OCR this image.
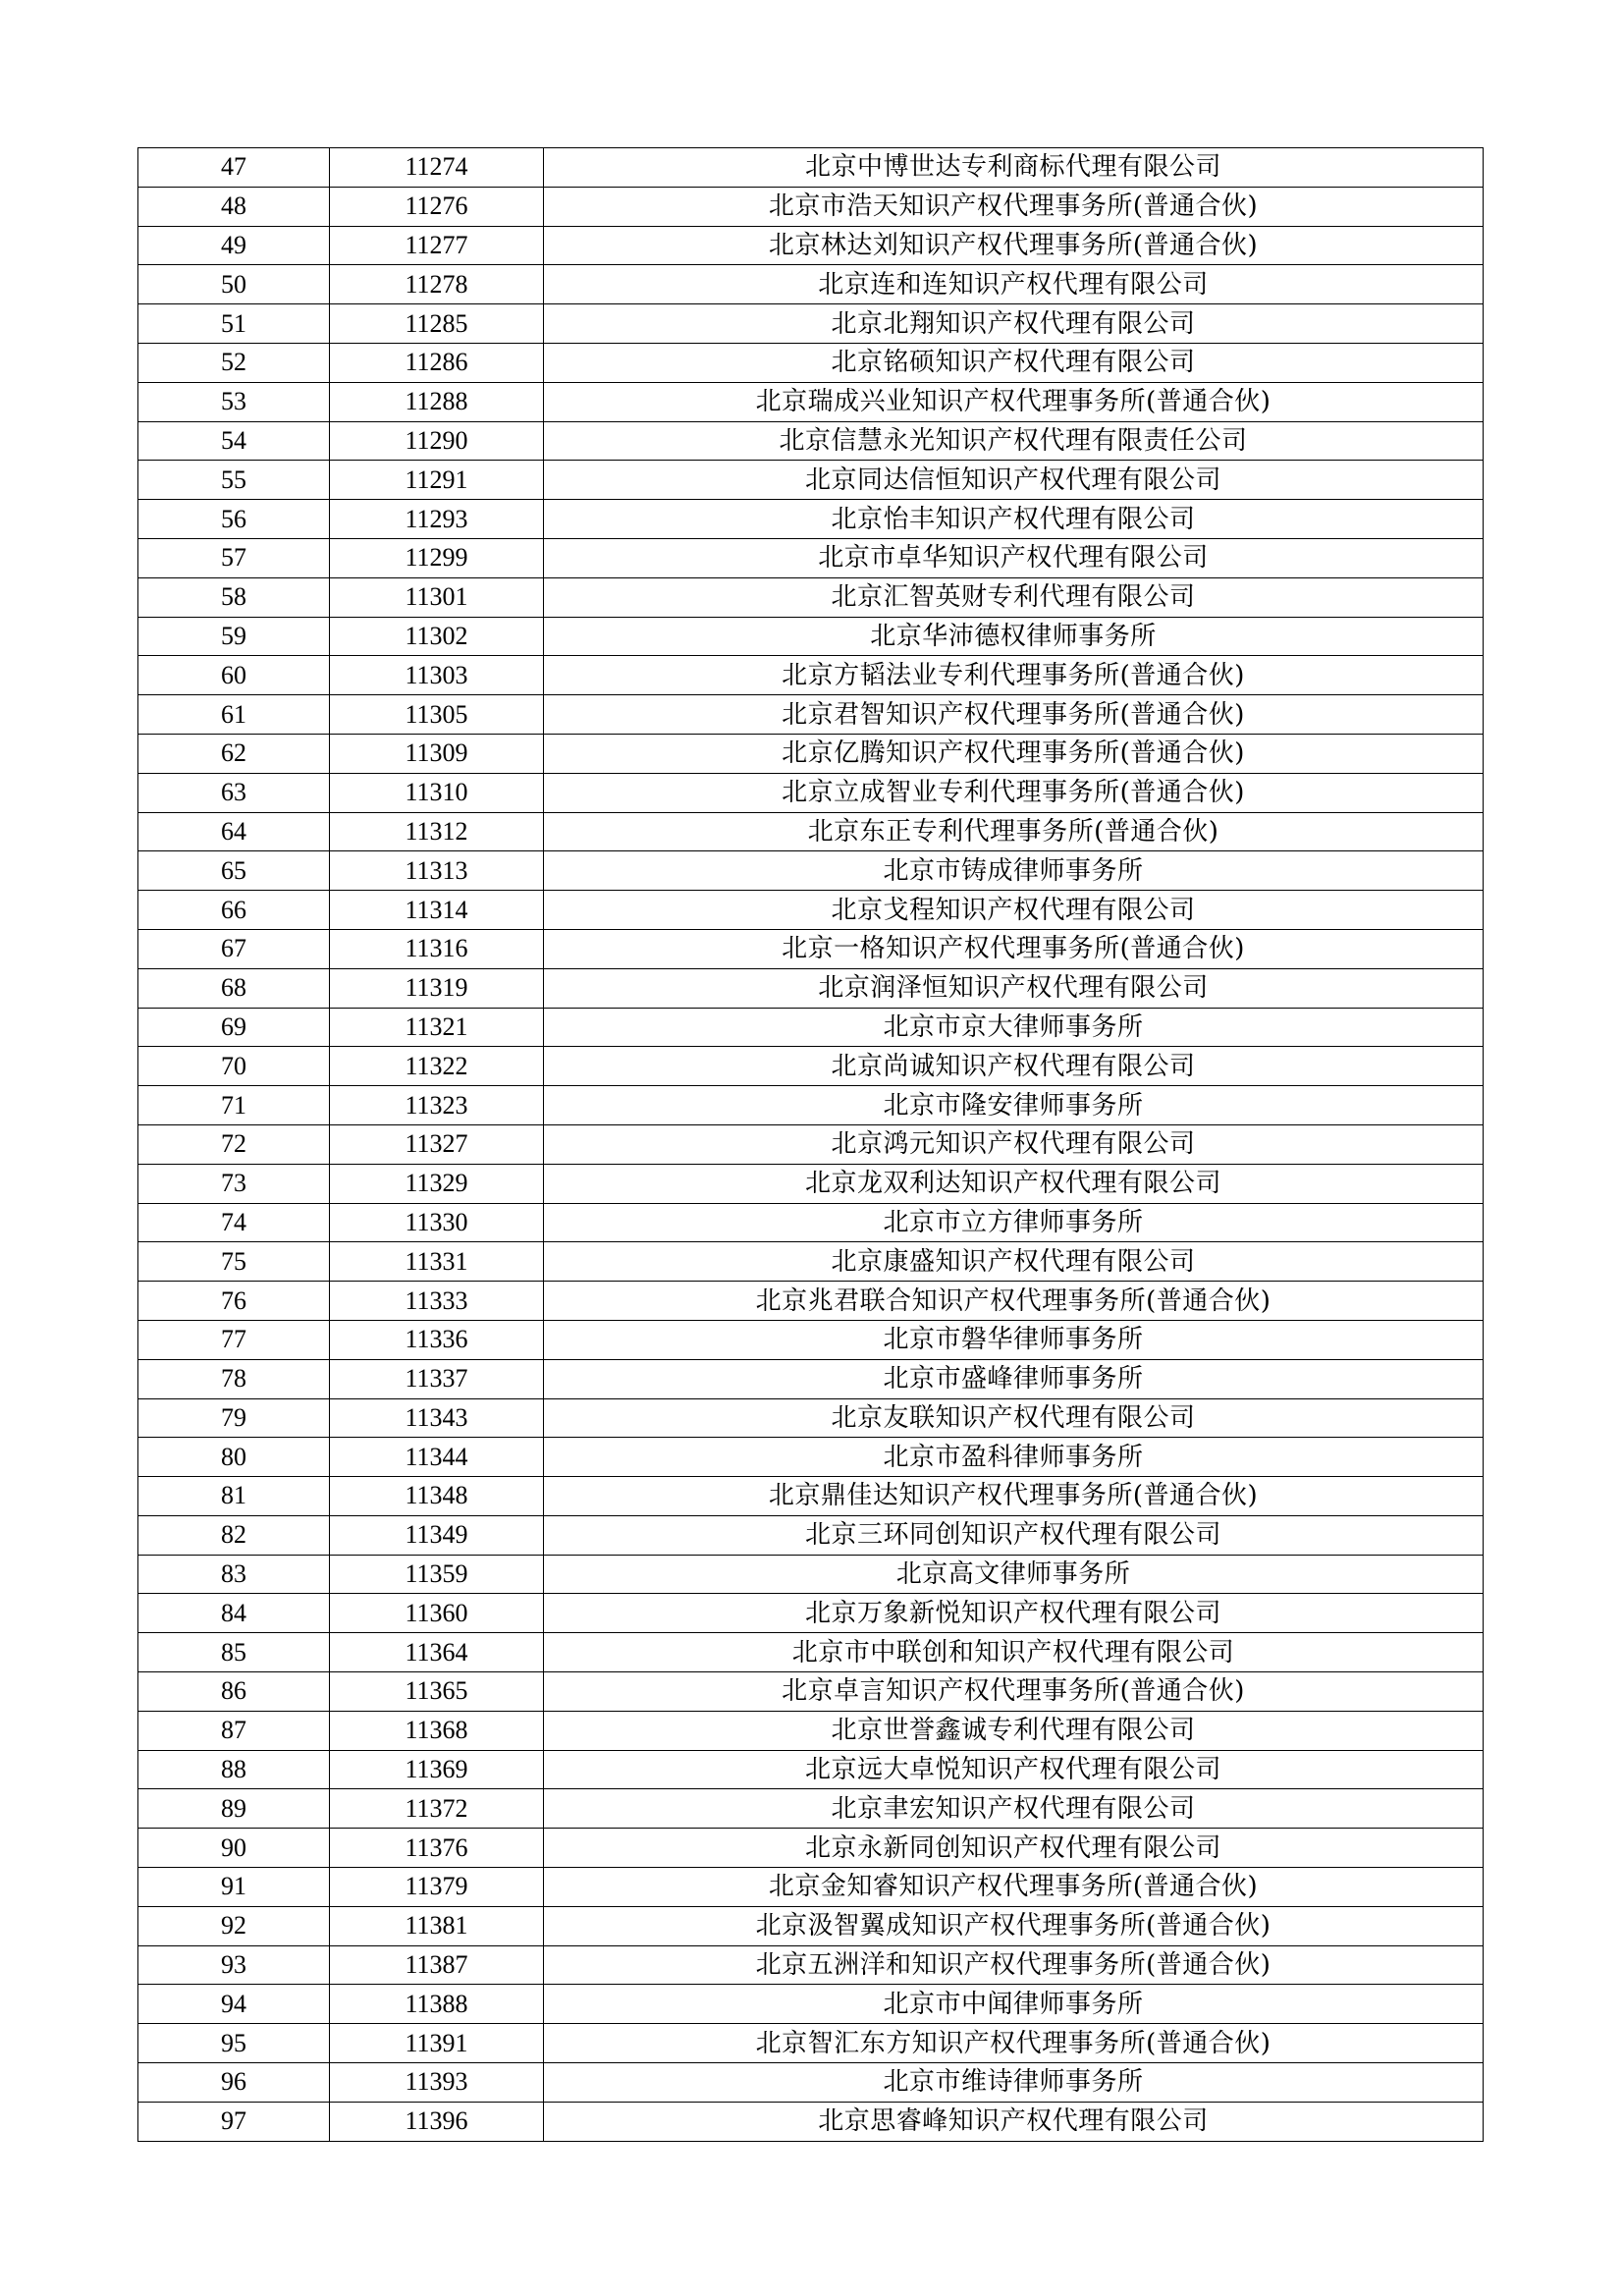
47	11274	北京中博世达专利商标代理有限公司
48	11276	北京市浩天知识产权代理事务所(普通合伙)
49	11277	北京林达刘知识产权代理事务所(普通合伙)
50	11278	北京连和连知识产权代理有限公司
51	11285	北京北翔知识产权代理有限公司
52	11286	北京铭硕知识产权代理有限公司
53	11288	北京瑞成兴业知识产权代理事务所(普通合伙)
54	11290	北京信慧永光知识产权代理有限责任公司
55	11291	北京同达信恒知识产权代理有限公司
56	11293	北京怡丰知识产权代理有限公司
57	11299	北京市卓华知识产权代理有限公司
58	11301	北京汇智英财专利代理有限公司
59	11302	北京华沛德权律师事务所
60	11303	北京方韬法业专利代理事务所(普通合伙)
61	11305	北京君智知识产权代理事务所(普通合伙)
62	11309	北京亿腾知识产权代理事务所(普通合伙)
63	11310	北京立成智业专利代理事务所(普通合伙)
64	11312	北京东正专利代理事务所(普通合伙)
65	11313	北京市铸成律师事务所
66	11314	北京戈程知识产权代理有限公司
67	11316	北京一格知识产权代理事务所(普通合伙)
68	11319	北京润泽恒知识产权代理有限公司
69	11321	北京市京大律师事务所
70	11322	北京尚诚知识产权代理有限公司
71	11323	北京市隆安律师事务所
72	11327	北京鸿元知识产权代理有限公司
73	11329	北京龙双利达知识产权代理有限公司
74	11330	北京市立方律师事务所
75	11331	北京康盛知识产权代理有限公司
76	11333	北京兆君联合知识产权代理事务所(普通合伙)
77	11336	北京市磐华律师事务所
78	11337	北京市盛峰律师事务所
79	11343	北京友联知识产权代理有限公司
80	11344	北京市盈科律师事务所
81	11348	北京鼎佳达知识产权代理事务所(普通合伙)
82	11349	北京三环同创知识产权代理有限公司
83	11359	北京高文律师事务所
84	11360	北京万象新悦知识产权代理有限公司
85	11364	北京市中联创和知识产权代理有限公司
86	11365	北京卓言知识产权代理事务所(普通合伙)
87	11368	北京世誉鑫诚专利代理有限公司
88	11369	北京远大卓悦知识产权代理有限公司
89	11372	北京聿宏知识产权代理有限公司
90	11376	北京永新同创知识产权代理有限公司
91	11379	北京金知睿知识产权代理事务所(普通合伙)
92	11381	北京汲智翼成知识产权代理事务所(普通合伙)
93	11387	北京五洲洋和知识产权代理事务所(普通合伙)
94	11388	北京市中闻律师事务所
95	11391	北京智汇东方知识产权代理事务所(普通合伙)
96	11393	北京市维诗律师事务所
97	11396	北京思睿峰知识产权代理有限公司
